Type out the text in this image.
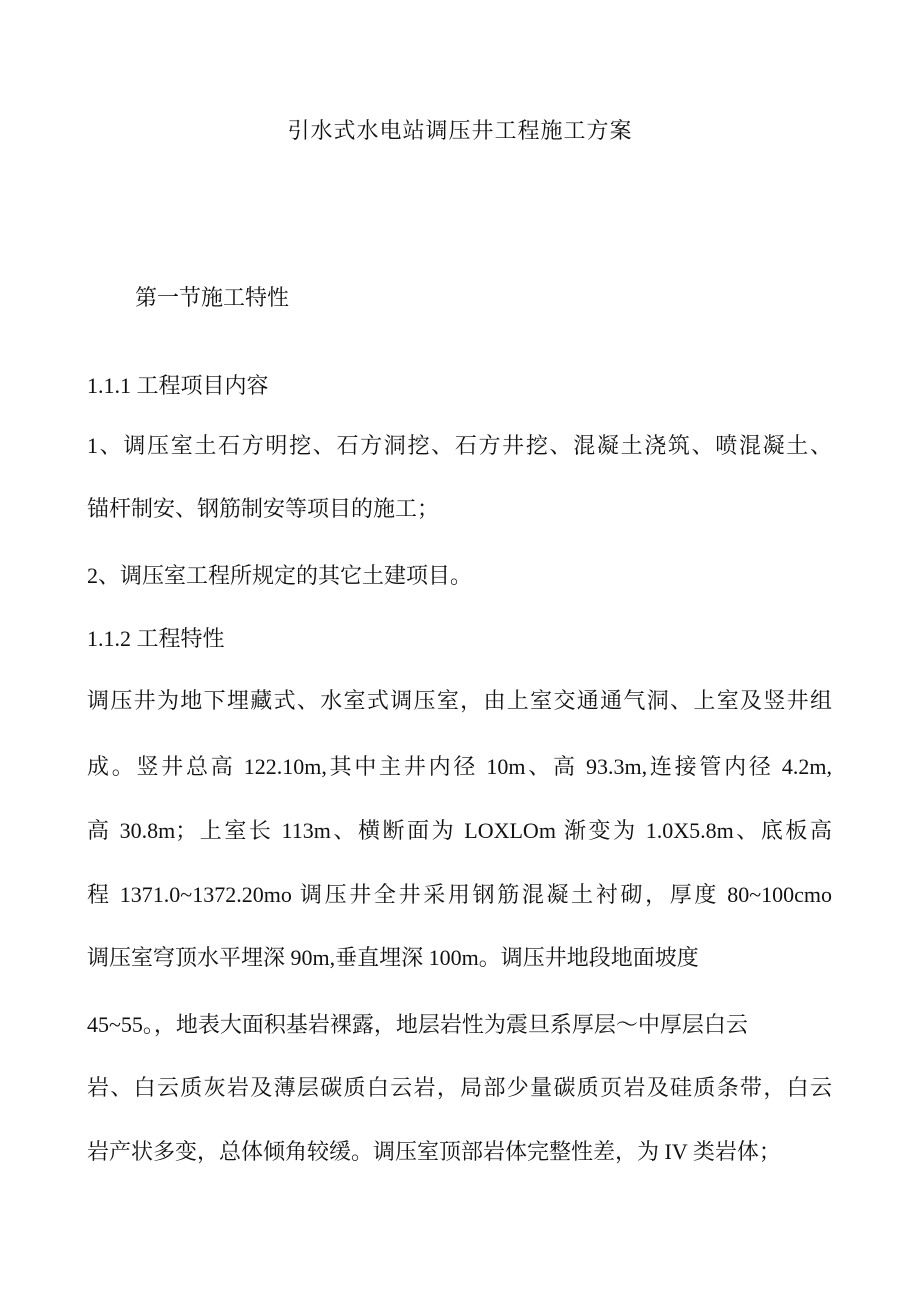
引水式水电站调压井工程施工方案
第一节施工特性
1.1.1 工程项目内容
1、调压室土石方明挖、石方洞挖、石方井挖、混凝土浇筑、喷混凝土、
锚杆制安、钢筋制安等项目的施工；
2、调压室工程所规定的其它土建项目。
1.1.2 工程特性
调压井为地下埋藏式、水室式调压室，由上室交通通气洞、上室及竖井组
成。竖井总高 122.10m,其中主井内径 10m、高 93.3m,连接管内径 4.2m,
高 30.8m；上室长 113m、横断面为 LOXLOm 渐变为 1.0X5.8m、底板高
程 1371.0~1372.20mo 调压井全井采用钢筋混凝土衬砌，厚度 80~100cmo
调压室穹顶水平埋深 90m,垂直埋深 100m。调压井地段地面坡度
45~55。，地表大面积基岩裸露，地层岩性为震旦系厚层～中厚层白云
岩、白云质灰岩及薄层碳质白云岩，局部少量碳质页岩及硅质条带，白云
岩产状多变，总体倾角较缓。调压室顶部岩体完整性差，为 IV 类岩体；
